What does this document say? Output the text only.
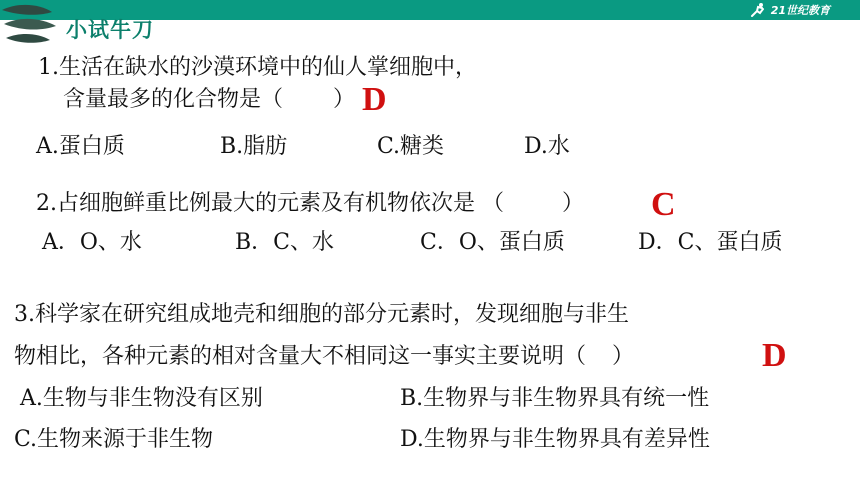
21世纪教育
小试牛刀
1.生活在缺水的沙漠环境中的仙人掌细胞中，
含量最多的化合物是（ ） D
A.蛋白质	B.脂肪	C.糖类	D.水
2.占细胞鲜重比例最大的元素及有机物依次是 （	） C
A．O、水	B．C、水	C．O、蛋白质	D．C、蛋白质
3.科学家在研究组成地壳和细胞的部分元素时，发现细胞与非生
物相比，各种元素的相对含量大不相同这一事实主要说明（ ）	D
A.生物与非生物没有区别	B.生物界与非生物界具有统一性
C.生物来源于非生物	D.生物界与非生物界具有差异性
